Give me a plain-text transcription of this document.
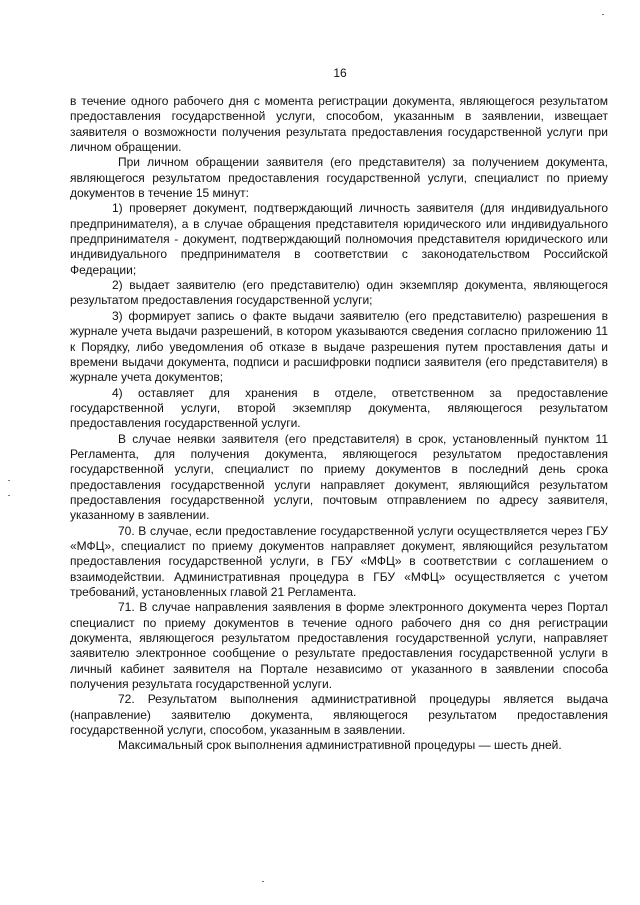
16

в течение одного рабочего дня с момента регистрации документа, являющегося результатом предоставления государственной услуги, способом, указанным в заявлении, извещает заявителя о возможности получения результата предоставления государственной услуги при личном обращении.

При личном обращении заявителя (его представителя) за получением документа, являющегося результатом предоставления государственной услуги, специалист по приему документов в течение 15 минут:

1) проверяет документ, подтверждающий личность заявителя (для индивидуального предпринимателя), а в случае обращения представителя юридического или индивидуального предпринимателя - документ, подтверждающий полномочия представителя юридического или индивидуального предпринимателя в соответствии с законодательством Российской Федерации;

2) выдает заявителю (его представителю) один экземпляр документа, являющегося результатом предоставления государственной услуги;

3) формирует запись о факте выдачи заявителю (его представителю) разрешения в журнале учета выдачи разрешений, в котором указываются сведения согласно приложению 11 к Порядку, либо уведомления об отказе в выдаче разрешения путем проставления даты и времени выдачи документа, подписи и расшифровки подписи заявителя (его представителя) в журнале учета документов;

4) оставляет для хранения в отделе, ответственном за предоставление государственной услуги, второй экземпляр документа, являющегося результатом предоставления государственной услуги.

В случае неявки заявителя (его представителя) в срок, установленный пунктом 11 Регламента, для получения документа, являющегося результатом предоставления государственной услуги, специалист по приему документов в последний день срока предоставления государственной услуги направляет документ, являющийся результатом предоставления государственной услуги, почтовым отправлением по адресу заявителя, указанному в заявлении.

70. В случае, если предоставление государственной услуги осуществляется через ГБУ «МФЦ», специалист по приему документов направляет документ, являющийся результатом предоставления государственной услуги, в ГБУ «МФЦ» в соответствии с соглашением о взаимодействии. Административная процедура в ГБУ «МФЦ» осуществляется с учетом требований, установленных главой 21 Регламента.

71. В случае направления заявления в форме электронного документа через Портал специалист по приему документов в течение одного рабочего дня со дня регистрации документа, являющегося результатом предоставления государственной услуги, направляет заявителю электронное сообщение о результате предоставления государственной услуги в личный кабинет заявителя на Портале независимо от указанного в заявлении способа получения результата государственной услуги.

72. Результатом выполнения административной процедуры является выдача (направление) заявителю документа, являющегося результатом предоставления государственной услуги, способом, указанным в заявлении.

Максимальный срок выполнения административной процедуры — шесть дней.
